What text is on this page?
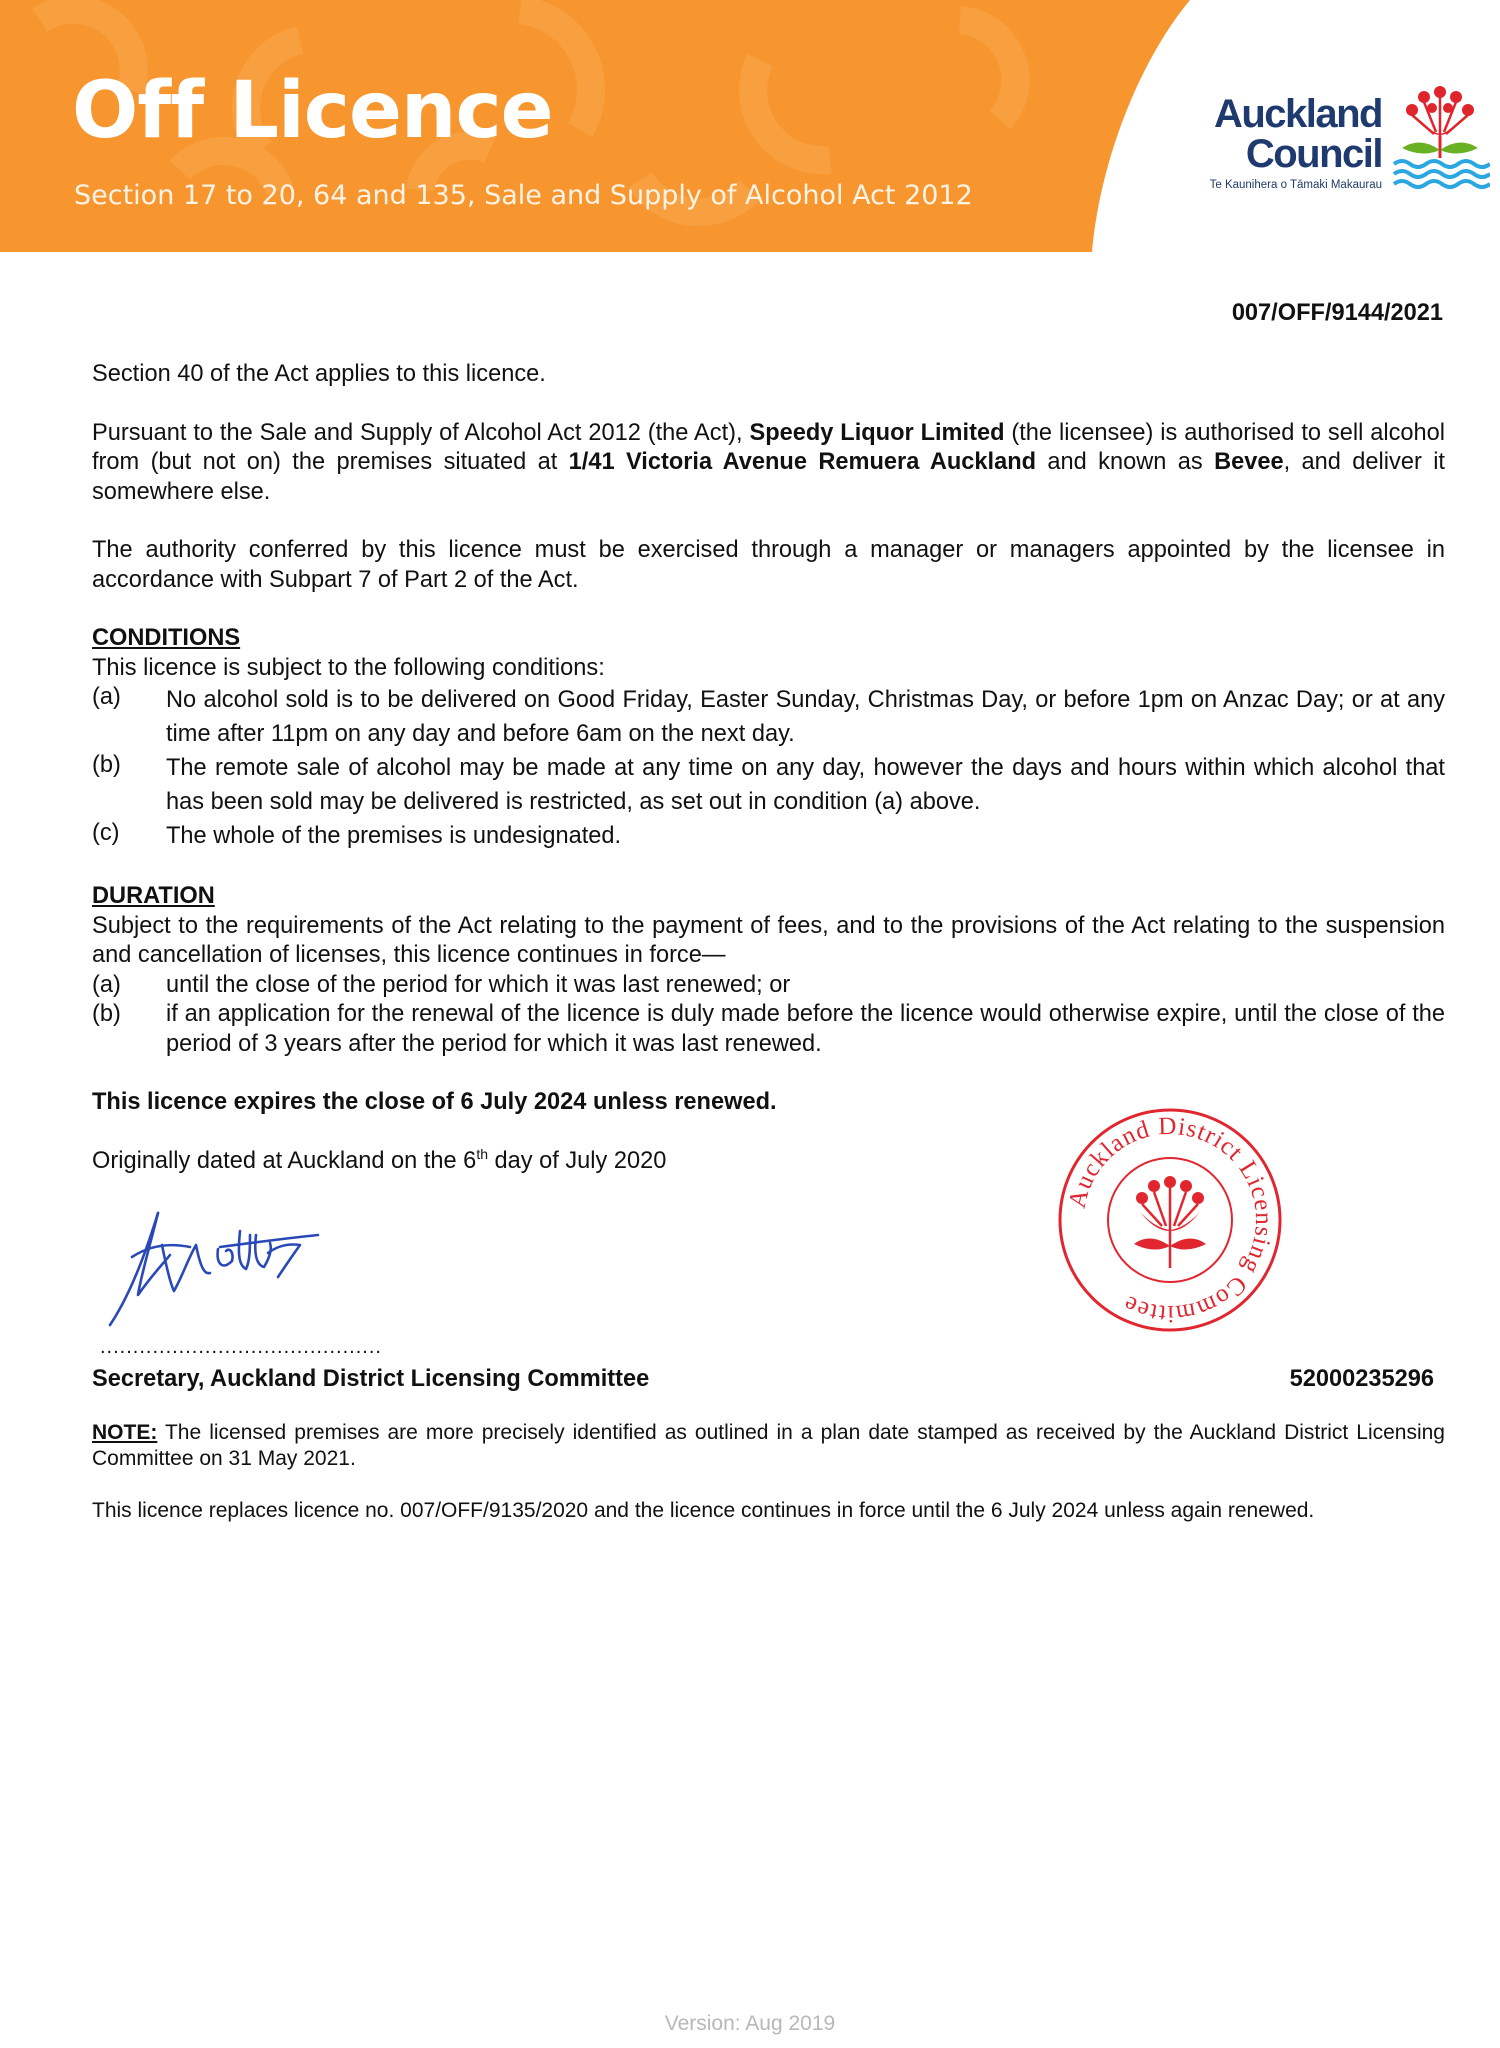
Off Licence

Section 17 to 20, 64 and 135, Sale and Supply of Alcohol Act 2012

Auckland
Council
Te Kaunihera o Tāmaki Makaurau
007/OFF/9144/2021

Section 40 of the Act applies to this licence.

Pursuant to the Sale and Supply of Alcohol Act 2012 (the Act), Speedy Liquor Limited (the licensee) is authorised to sell alcohol from (but not on) the premises situated at 1/41 Victoria Avenue Remuera Auckland and known as Bevee, and deliver it somewhere else.

The authority conferred by this licence must be exercised through a manager or managers appointed by the licensee in accordance with Subpart 7 of Part 2 of the Act.

CONDITIONS

This licence is subject to the following conditions:

(a)	No alcohol sold is to be delivered on Good Friday, Easter Sunday, Christmas Day, or before 1pm on Anzac Day; or at any time after 11pm on any day and before 6am on the next day.
(b)	The remote sale of alcohol may be made at any time on any day, however the days and hours within which alcohol that has been sold may be delivered is restricted, as set out in condition (a) above.
(c)	The whole of the premises is undesignated.

DURATION

Subject to the requirements of the Act relating to the payment of fees, and to the provisions of the Act relating to the suspension and cancellation of licenses, this licence continues in force—

(a)	until the close of the period for which it was last renewed; or
(b)	if an application for the renewal of the licence is duly made before the licence would otherwise expire, until the close of the period of 3 years after the period for which it was last renewed.

This licence expires the close of 6 July 2024 unless renewed.

Originally dated at Auckland on the 6th day of July 2020

...........................................
Secretary, Auckland District Licensing Committee	52000235296
Auckland District Licensing Committee

NOTE: The licensed premises are more precisely identified as outlined in a plan date stamped as received by the Auckland District Licensing Committee on 31 May 2021.

This licence replaces licence no. 007/OFF/9135/2020 and the licence continues in force until the 6 July 2024 unless again renewed.

Version: Aug 2019
